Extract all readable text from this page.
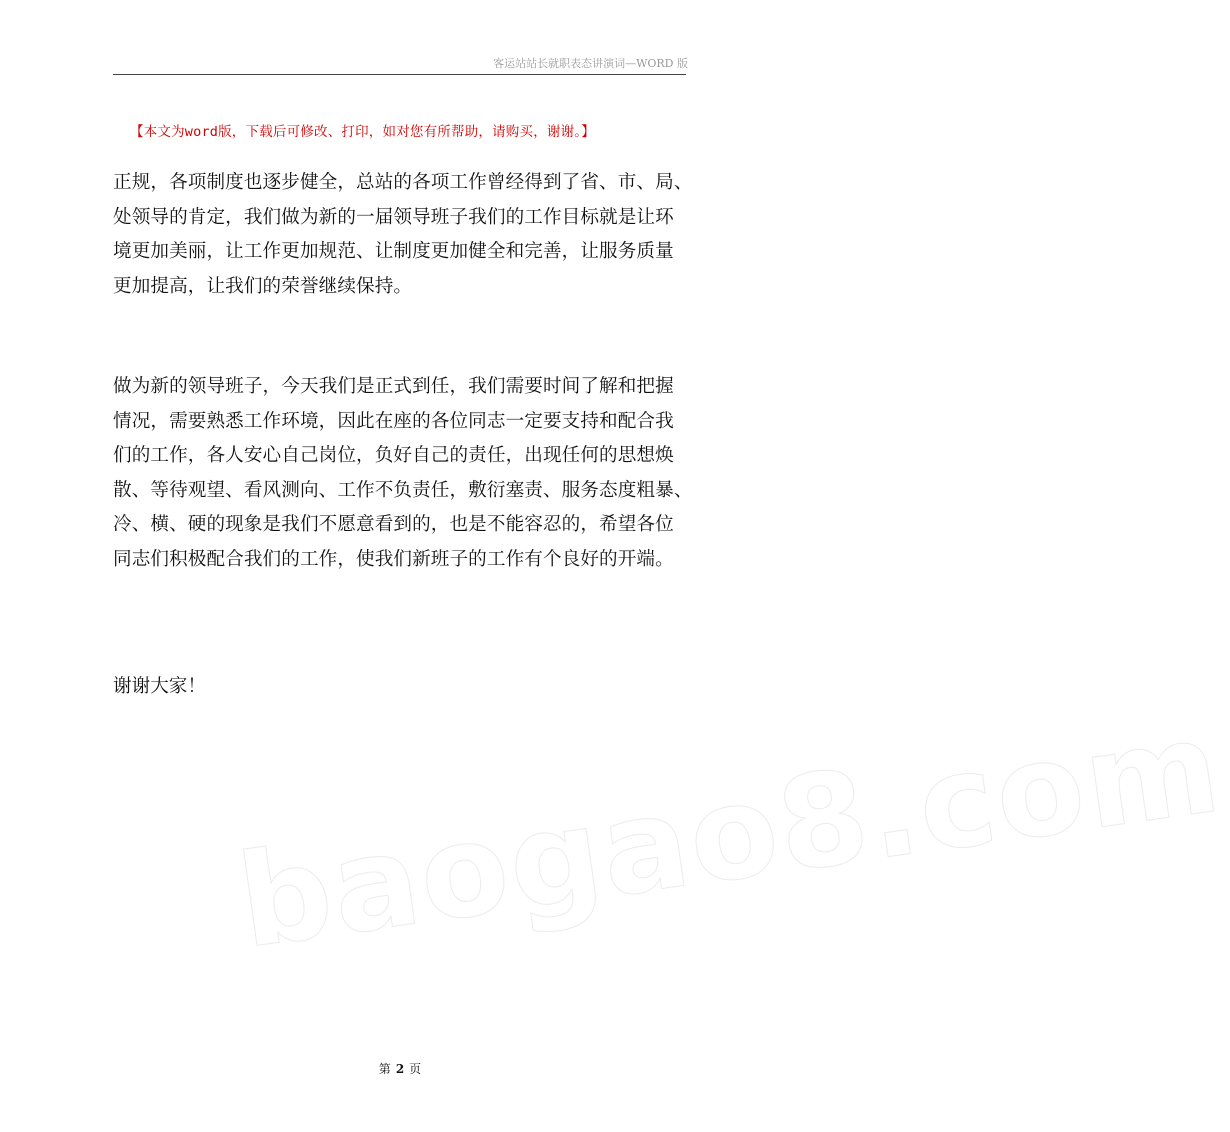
客运站站长就职表态讲演词—WORD 版
【本文为word版，下载后可修改、打印，如对您有所帮助，请购买，谢谢。】
正规，各项制度也逐步健全，总站的各项工作曾经得到了省、市、局、
处领导的肯定，我们做为新的一届领导班子我们的工作目标就是让环
境更加美丽，让工作更加规范、让制度更加健全和完善，让服务质量
更加提高，让我们的荣誉继续保持。
做为新的领导班子，今天我们是正式到任，我们需要时间了解和把握
情况，需要熟悉工作环境，因此在座的各位同志一定要支持和配合我
们的工作，各人安心自己岗位，负好自己的责任，出现任何的思想焕
散、等待观望、看风测向、工作不负责任，敷衍塞责、服务态度粗暴、
冷、横、硬的现象是我们不愿意看到的，也是不能容忍的，希望各位
同志们积极配合我们的工作，使我们新班子的工作有个良好的开端。
谢谢大家！
baogao8.com
第 2 页
